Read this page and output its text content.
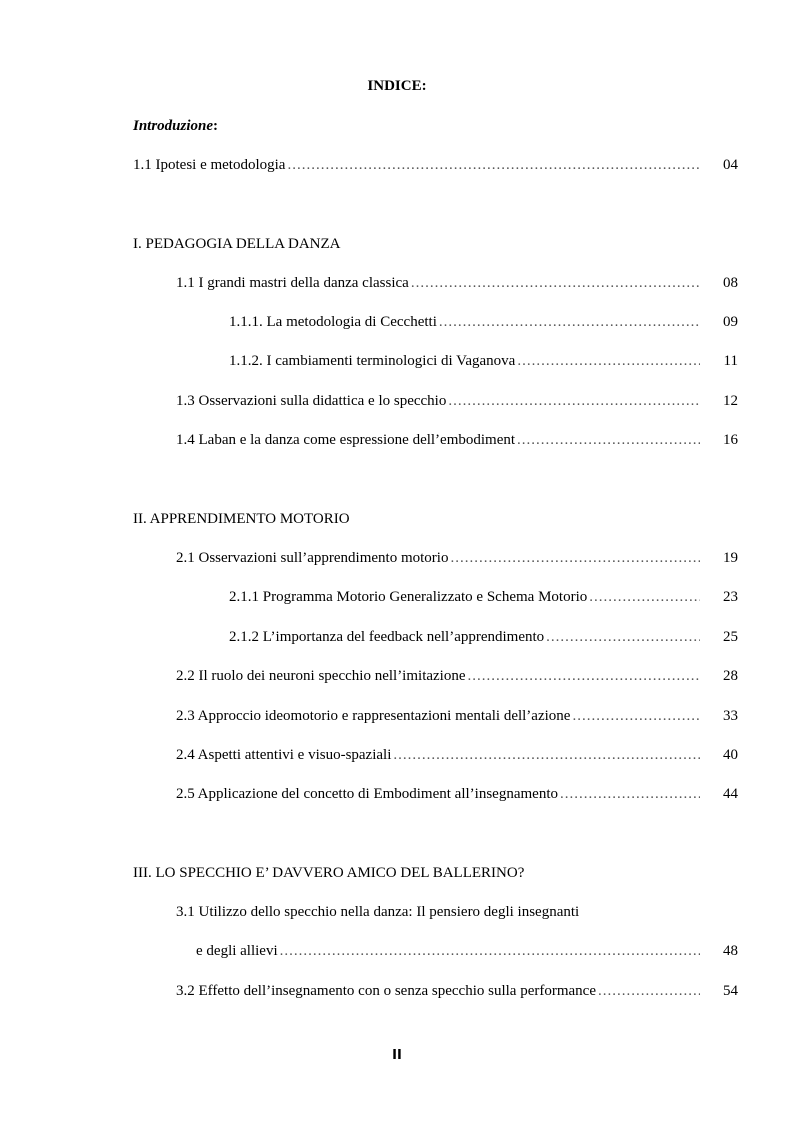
INDICE:
Introduzione:
1.1 Ipotesi e metodologia .....	04
I. PEDAGOGIA DELLA DANZA
1.1 I grandi mastri della danza classica .....	08
1.1.1. La metodologia di Cecchetti .....	09
1.1.2. I cambiamenti terminologici di Vaganova .....	11
1.3 Osservazioni sulla didattica e lo specchio .....	12
1.4 Laban e la danza come espressione dell’embodiment .....	16
II. APPRENDIMENTO MOTORIO
2.1 Osservazioni sull’apprendimento motorio .....	19
2.1.1 Programma Motorio Generalizzato e Schema Motorio .....	23
2.1.2 L’importanza del feedback nell’apprendimento .....	25
2.2 Il ruolo dei neuroni specchio nell’imitazione .....	28
2.3 Approccio ideomotorio e rappresentazioni mentali dell’azione .....	33
2.4 Aspetti attentivi e visuo-spaziali .....	40
2.5 Applicazione del concetto di Embodiment all’insegnamento .....	44
III. LO SPECCHIO E’ DAVVERO AMICO DEL BALLERINO?
3.1 Utilizzo dello specchio nella danza: Il pensiero degli insegnanti
e degli allievi .....	48
3.2 Effetto dell’insegnamento con o senza specchio sulla performance .....	54
II
